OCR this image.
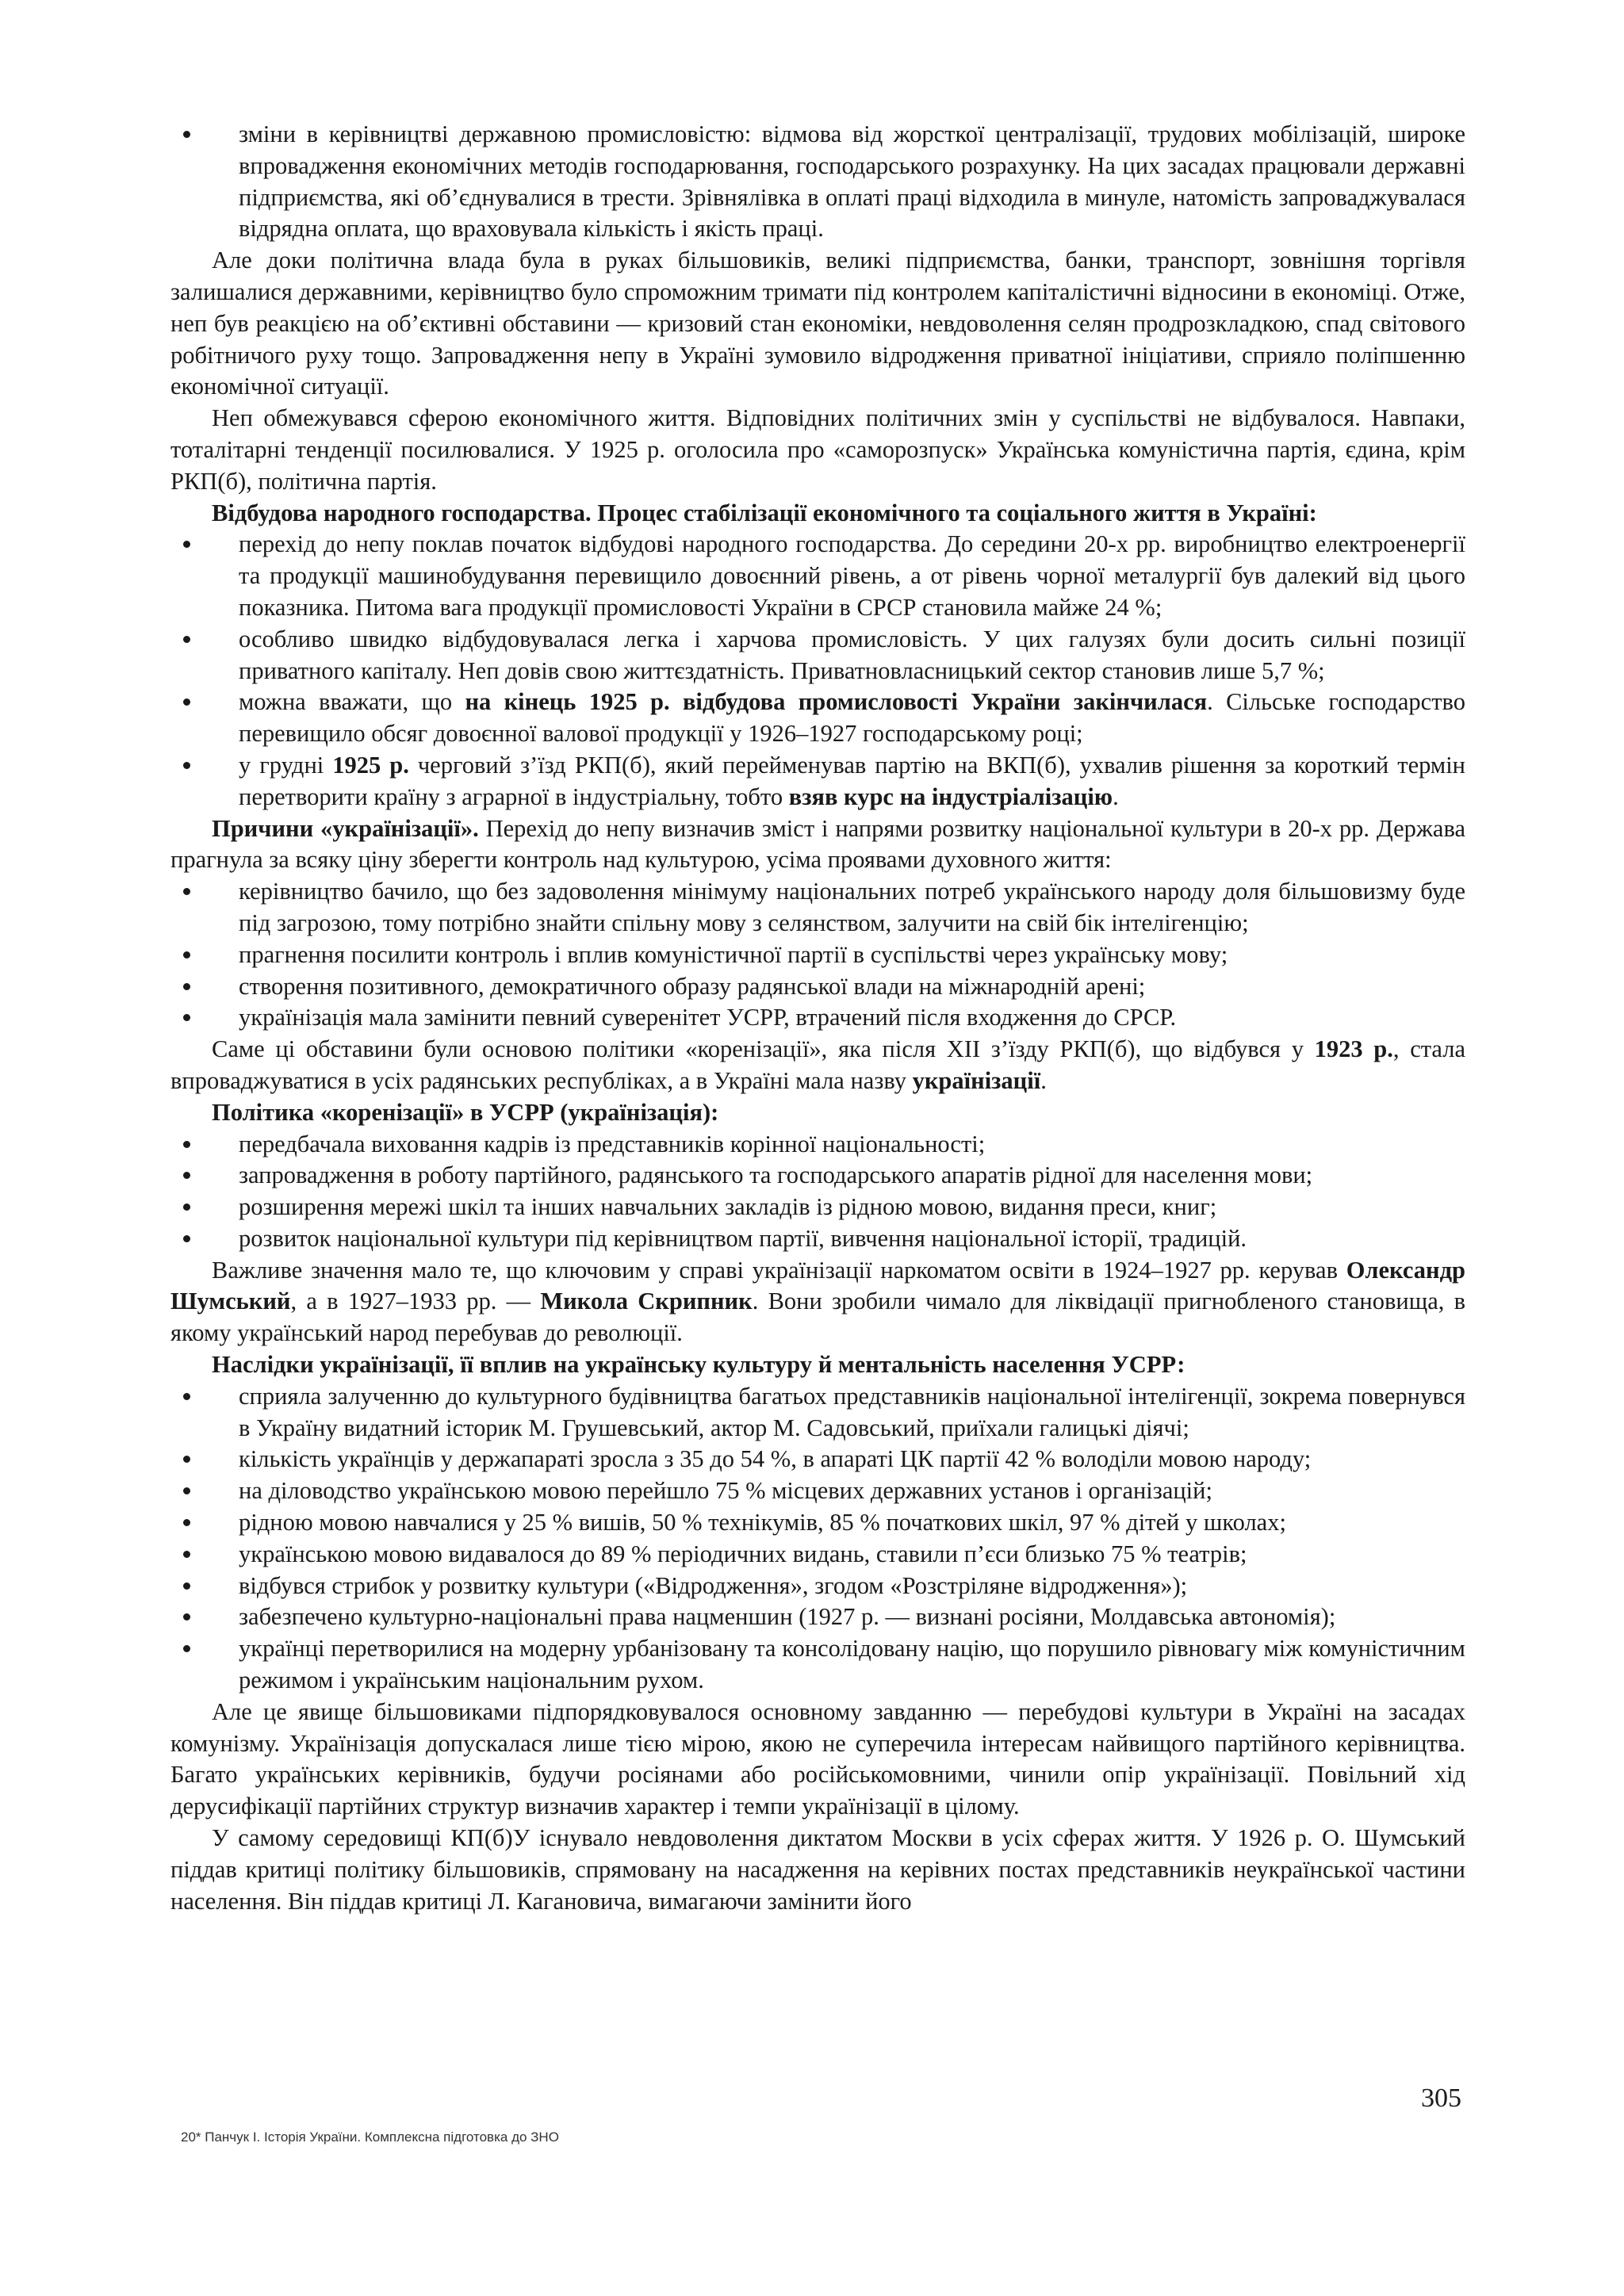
зміни в керівництві державною промисловістю: відмова від жорсткої централізації, трудових мобілізацій, широке впровадження економічних методів господарювання, господарського розрахунку. На цих засадах працювали державні підприємства, які об’єднувалися в трести. Зрівнялівка в оплаті праці відходила в минуле, натомість запроваджувалася відрядна оплата, що враховувала кількість і якість праці.

Але доки політична влада була в руках більшовиків, великі підприємства, банки, транспорт, зовнішня торгівля залишалися державними, керівництво було спроможним тримати під контролем капіталістичні відносини в економіці. Отже, неп був реакцією на об’єктивні обставини — кризовий стан економіки, невдоволення селян продрозкладкою, спад світового робітничого руху тощо. Запровадження непу в Україні зумовило відродження приватної ініціативи, сприяло поліпшенню економічної ситуації.

Неп обмежувався сферою економічного життя. Відповідних політичних змін у суспільстві не відбувалося. Навпаки, тоталітарні тенденції посилювалися. У 1925 р. оголосила про «саморозпуск» Українська комуністична партія, єдина, крім РКП(б), політична партія.

Відбудова народного господарства. Процес стабілізації економічного та соціального життя в Україні:

перехід до непу поклав початок відбудові народного господарства. До середини 20-х рр. виробництво електроенергії та продукції машинобудування перевищило довоєнний рівень, а от рівень чорної металургії був далекий від цього показника. Питома вага продукції промисловості України в СРСР становила майже 24 %;
особливо швидко відбудовувалася легка і харчова промисловість. У цих галузях були досить сильні позиції приватного капіталу. Неп довів свою життєздатність. Приватновласницький сектор становив лише 5,7 %;
можна вважати, що на кінець 1925 р. відбудова промисловості України закінчилася. Сільське господарство перевищило обсяг довоєнної валової продукції у 1926–1927 господарському році;
у грудні 1925 р. черговий з’їзд РКП(б), який перейменував партію на ВКП(б), ухвалив рішення за короткий термін перетворити країну з аграрної в індустріальну, тобто взяв курс на індустріалізацію.

Причини «українізації». Перехід до непу визначив зміст і напрями розвитку національної культури в 20-х рр. Держава прагнула за всяку ціну зберегти контроль над культурою, усіма проявами духовного життя:

керівництво бачило, що без задоволення мінімуму національних потреб українського народу доля більшовизму буде під загрозою, тому потрібно знайти спільну мову з селянством, залучити на свій бік інтелігенцію;
прагнення посилити контроль і вплив комуністичної партії в суспільстві через українську мову;
створення позитивного, демократичного образу радянської влади на міжнародній арені;
українізація мала замінити певний суверенітет УСРР, втрачений після входження до СРСР.

Саме ці обставини були основою політики «коренізації», яка після XII з’їзду РКП(б), що відбувся у 1923 р., стала впроваджуватися в усіх радянських республіках, а в Україні мала назву українізації.

Політика «коренізації» в УСРР (українізація):

передбачала виховання кадрів із представників корінної національності;
запровадження в роботу партійного, радянського та господарського апаратів рідної для населення мови;
розширення мережі шкіл та інших навчальних закладів із рідною мовою, видання преси, книг;
розвиток національної культури під керівництвом партії, вивчення національної історії, традицій.

Важливе значення мало те, що ключовим у справі українізації наркоматом освіти в 1924–1927 рр. керував Олександр Шумський, а в 1927–1933 рр. — Микола Скрипник. Вони зробили чимало для ліквідації пригнобленого становища, в якому український народ перебував до революції.

Наслідки українізації, її вплив на українську культуру й ментальність населення УСРР:

сприяла залученню до культурного будівництва багатьох представників національної інтелігенції, зокрема повернувся в Україну видатний історик М. Грушевський, актор М. Садовський, приїхали галицькі діячі;
кількість українців у держапараті зросла з 35 до 54 %, в апараті ЦК партії 42 % володіли мовою народу;
на діловодство українською мовою перейшло 75 % місцевих державних установ і організацій;
рідною мовою навчалися у 25 % вишів, 50 % технікумів, 85 % початкових шкіл, 97 % дітей у школах;
українською мовою видавалося до 89 % періодичних видань, ставили п’єси близько 75 % театрів;
відбувся стрибок у розвитку культури («Відродження», згодом «Розстріляне відродження»);
забезпечено культурно-національні права нацменшин (1927 р. — визнані росіяни, Молдавська автономія);
українці перетворилися на модерну урбанізовану та консолідовану націю, що порушило рівновагу між комуністичним режимом і українським національним рухом.

Але це явище більшовиками підпорядковувалося основному завданню — перебудові культури в Україні на засадах комунізму. Українізація допускалася лише тією мірою, якою не суперечила інтересам найвищого партійного керівництва. Багато українських керівників, будучи росіянами або російськомовними, чинили опір українізації. Повільний хід дерусифікації партійних структур визначив характер і темпи українізації в цілому.

У самому середовищі КП(б)У існувало невдоволення диктатом Москви в усіх сферах життя. У 1926 р. О. Шумський піддав критиці політику більшовиків, спрямовану на насадження на керівних постах представників неукраїнської частини населення. Він піддав критиці Л. Кагановича, вимагаючи замінити його

305
20* Панчук І. Історія України. Комплексна підготовка до ЗНО
